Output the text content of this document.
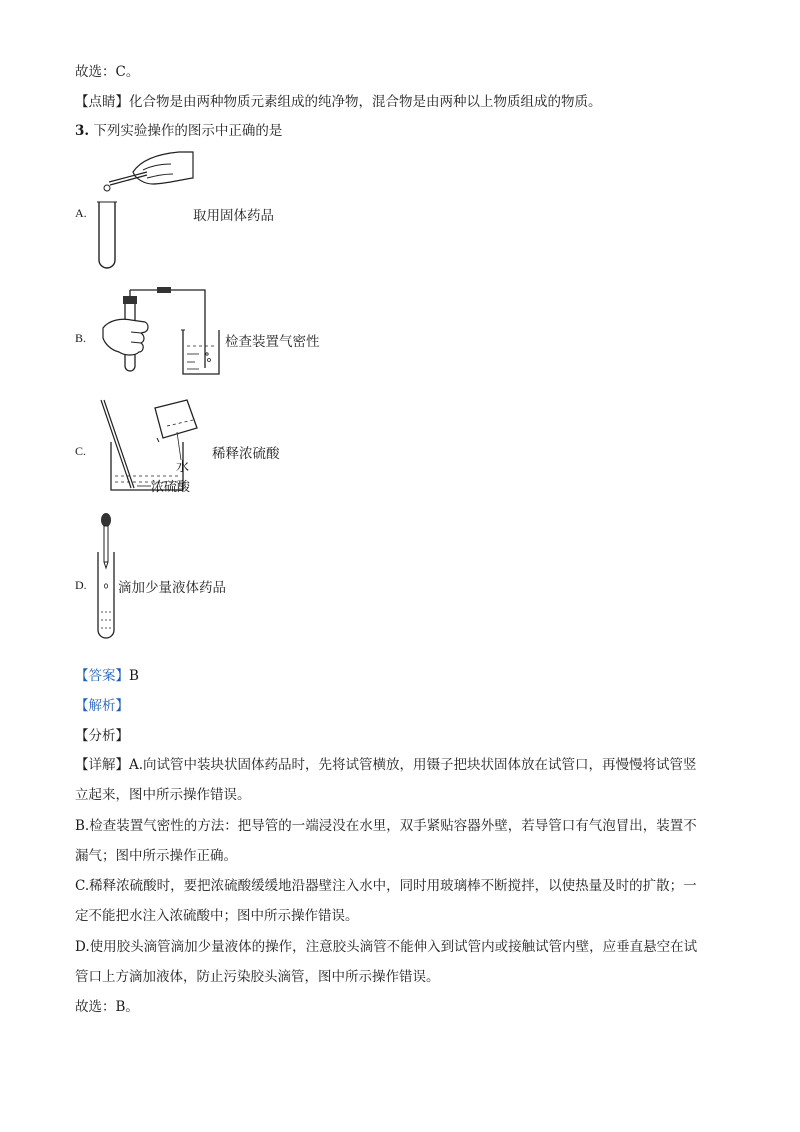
故选：C。
【点睛】化合物是由两种物质元素组成的纯净物，混合物是由两种以上物质组成的物质。
3. 下列实验操作的图示中正确的是
A.	取用固体药品
B.	检查装置气密性
C.
水
浓硫酸
稀释浓硫酸
D. 滴加少量液体药品
【答案】B
【解析】
【分析】
【详解】A.向试管中装块状固体药品时，先将试管横放，用镊子把块状固体放在试管口，再慢慢将试管竖
立起来，图中所示操作错误。
B.检查装置气密性的方法：把导管的一端浸没在水里，双手紧贴容器外壁，若导管口有气泡冒出，装置不
漏气；图中所示操作正确。
C.稀释浓硫酸时，要把浓硫酸缓缓地沿器壁注入水中，同时用玻璃棒不断搅拌，以使热量及时的扩散；一
定不能把水注入浓硫酸中；图中所示操作错误。
D.使用胶头滴管滴加少量液体的操作，注意胶头滴管不能伸入到试管内或接触试管内壁，应垂直悬空在试
管口上方滴加液体，防止污染胶头滴管，图中所示操作错误。
故选：B。
